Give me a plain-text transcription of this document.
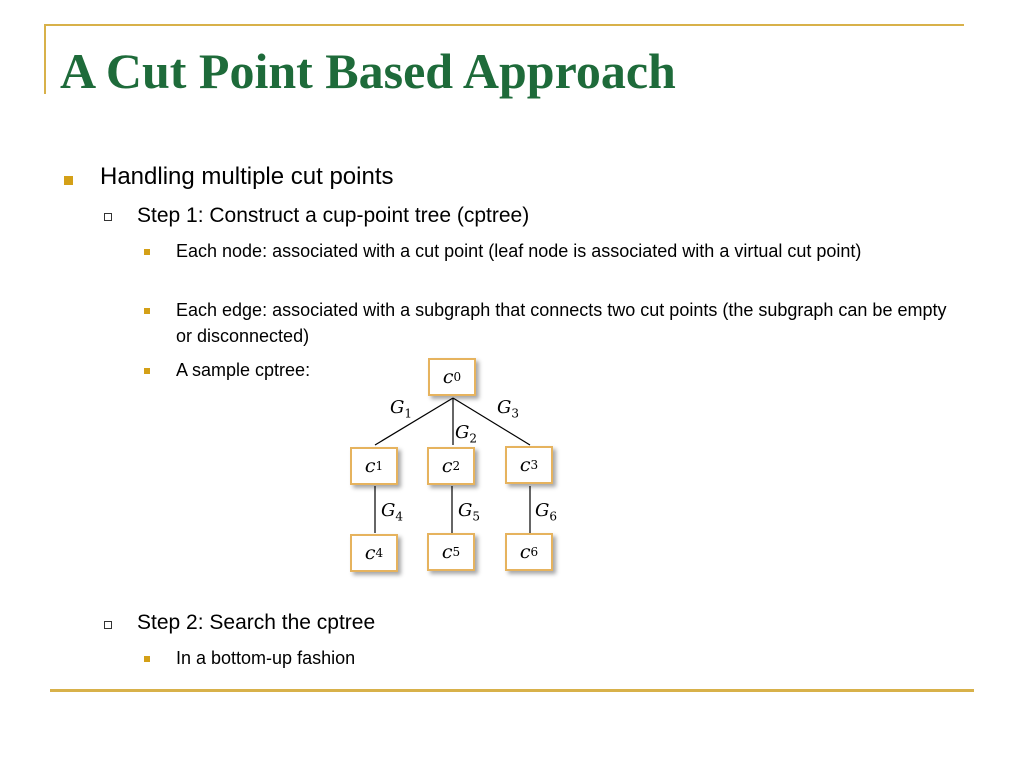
A Cut Point Based Approach
Handling multiple cut points
Step 1: Construct a cup-point tree (cptree)
Each node: associated with a cut point (leaf node is associated with a virtual cut point)
Each edge: associated with a subgraph that connects two cut points (the subgraph can be empty or disconnected)
A sample cptree:	c 0
c 1	c 2	c 3
c 4	c 5	c 6
$G_1$
$G_2$
$G_3$
$G_4$	$G_5$	$G_6$
Step 2: Search the cptree
In a bottom-up fashion
